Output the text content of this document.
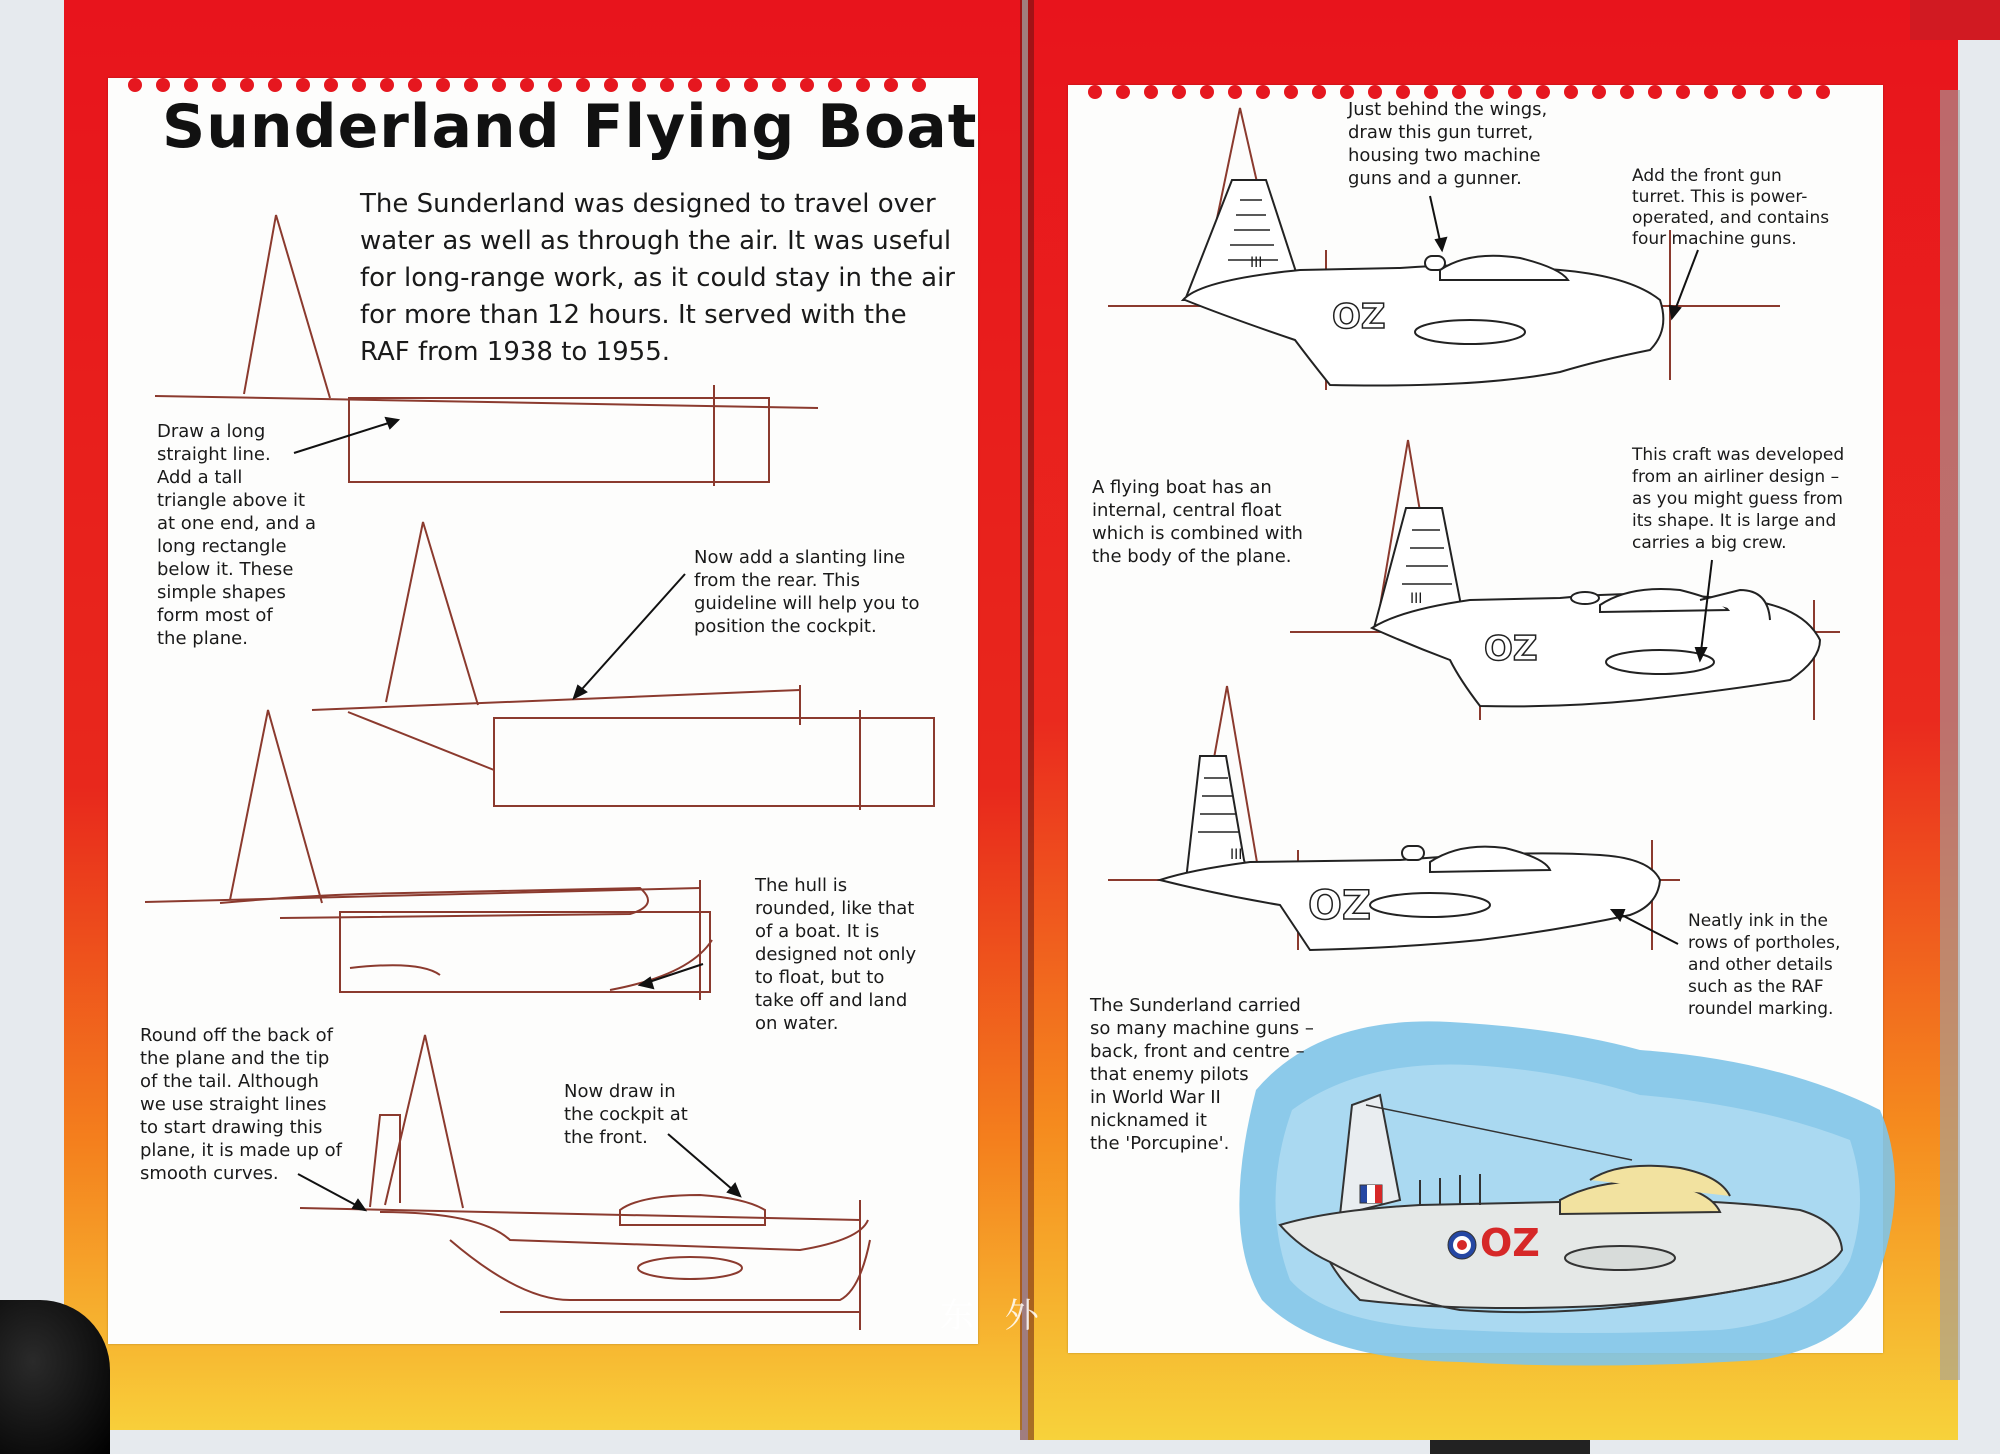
Sunderland Flying Boat
The Sunderland was designed to travel over water as well as through the air. It was useful for long-range work, as it could stay in the air for more than 12 hours. It served with the RAF from 1938 to 1955.
Draw a long
straight line.
Add a tall
triangle above it
at one end, and a
long rectangle
below it. These
simple shapes
form most of
the plane.
Now add a slanting line
from the rear. This
guideline will help you to
position the cockpit.
The hull is
rounded, like that
of a boat. It is
designed not only
to float, but to
take off and land
on water.
Round off the back of
the plane and the tip
of the tail. Although
we use straight lines
to start drawing this
plane, it is made up of
smooth curves.
Now draw in
the cockpit at
the front.
Just behind the wings,
draw this gun turret,
housing two machine
guns and a gunner.	Add the front gun
turret. This is power-
operated, and contains
four machine guns.
A flying boat has an
internal, central float
which is combined with
the body of the plane.
This craft was developed
from an airliner design –
as you might guess from
its shape. It is large and
carries a big crew.
Neatly ink in the
rows of portholes,
and other details
such as the RAF
roundel marking.
The Sunderland carried
so many machine guns –
back, front and centre –
that enemy pilots
in World War II
nicknamed it
the 'Porcupine'.
OZ
OZ
OZ
OZ
III
III
III
东 外
